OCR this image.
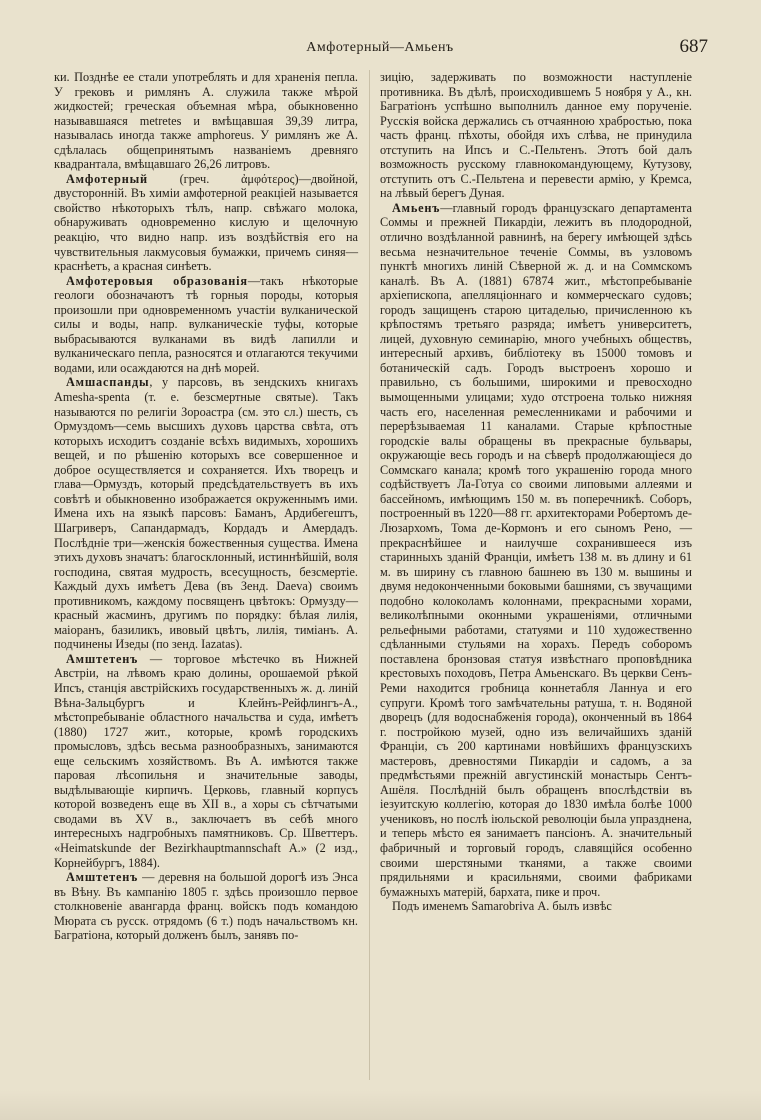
Амфотерный—Амьенъ	687

ки. Позднѣе ее стали употреблять и для храненія пепла. У грековъ и римлянъ А. служила также мѣрой жидкостей; греческая объемная мѣра, обыкновенно называвшаяся metretes и вмѣщавшая 39,39 литра, называлась иногда также amphoreus. У римлянъ же А. сдѣлалась общепринятымъ названіемъ древняго квадрантала, вмѣщавшаго 26,26 литровъ.

Амфотерный (греч. ἀμφότερος)—двойной, двусторонній. Въ химіи амфотерной реакціей называется свойство нѣкоторыхъ тѣлъ, напр. свѣжаго молока, обнаруживать одновременно кислую и щелочную реакцію, что видно напр. изъ воздѣйствія его на чувствительныя лакмусовыя бумажки, причемъ синяя—краснѣетъ, а красная синѣетъ.

Амфотеровыя образованія—такъ нѣкоторые геологи обозначаютъ тѣ горныя породы, которыя произошли при одновременномъ участіи вулканической силы и воды, напр. вулканическіе туфы, которые выбрасываются вулканами въ видѣ лапилли и вулканическаго пепла, разносятся и отлагаются текучими водами, или осаждаются на днѣ морей.

Амшаспанды, у парсовъ, въ зендскихъ книгахъ Amesha-spenta (т. е. безсмертные святые). Такъ называются по религіи Зороастра (см. это сл.) шесть, съ Ормуздомъ—семь высшихъ духовъ царства свѣта, отъ которыхъ исходитъ созданіе всѣхъ видимыхъ, хорошихъ вещей, и по рѣшенію которыхъ все совершенное и доброе осуществляется и сохраняется. Ихъ творецъ и глава—Ормуздъ, который предсѣдательствуетъ въ ихъ совѣтѣ и обыкновенно изображается окруженнымъ ими. Имена ихъ на языкѣ парсовъ: Баманъ, Ардибегештъ, Шагриверъ, Сапандармадъ, Кордадъ и Амердадъ. Послѣдніе три—женскія божественныя существа. Имена этихъ духовъ значатъ: благосклонный, истиннѣйшій, воля господина, святая мудрость, всесущность, безсмертіе. Каждый духъ имѣетъ Дева (въ Зенд. Daeva) своимъ противникомъ, каждому посвященъ цвѣтокъ: Ормузду—красный жасминъ, другимъ по порядку: бѣлая лилія, маіоранъ, базиликъ, ивовый цвѣтъ, лилія, тиміанъ. А. подчинены Изеды (по зенд. Iazatas).

Амштетенъ — торговое мѣстечко въ Нижней Австріи, на лѣвомъ краю долины, орошаемой рѣкой Ипсъ, станція австрійскихъ государственныхъ ж. д. линій Вѣна-Зальцбургъ и Клейнъ-Рейфлингъ-А., мѣстопребываніе областного начальства и суда, имѣетъ (1880) 1727 жит., которые, кромѣ городскихъ промысловъ, здѣсь весьма разнообразныхъ, занимаются еще сельскимъ хозяйствомъ. Въ А. имѣются также паровая лѣсопильня и значительные заводы, выдѣлывающіе кирпичъ. Церковь, главный корпусъ которой возведенъ еще въ XII в., а хоры съ сѣтчатыми сводами въ XV в., заключаетъ въ себѣ много интересныхъ надгробныхъ памятниковъ. Ср. Шветтеръ. «Heimatskunde der Bezirkhauptmannschaft A.» (2 изд., Корнейбургъ, 1884).

Амштетенъ — деревня на большой дорогѣ изъ Энса въ Вѣну. Въ кампанію 1805 г. здѣсь произошло первое столкновеніе авангарда франц. войскъ подъ командою Мюрата съ русск. отрядомъ (6 т.) подъ начальствомъ кн. Багратіона, который долженъ былъ, занявъ по-

зицію, задерживать по возможности наступленіе противника. Въ дѣлѣ, происходившемъ 5 ноября у А., кн. Багратіонъ успѣшно выполнилъ данное ему порученіе. Русскія войска держались съ отчаянною храбростью, пока часть франц. пѣхоты, обойдя ихъ слѣва, не принудила отступить на Ипсъ и С.-Пельтенъ. Этотъ бой далъ возможность русскому главнокомандующему, Кутузову, отступить отъ С.-Пельтена и перевести армію, у Кремса, на лѣвый берегъ Дуная.

Амьенъ—главный городъ французскаго департамента Соммы и прежней Пикардіи, лежитъ въ плодородной, отлично воздѣланной равнинѣ, на берегу имѣющей здѣсь весьма незначительное теченіе Соммы, въ узловомъ пунктѣ многихъ линій Сѣверной ж. д. и на Соммскомъ каналѣ. Въ А. (1881) 67874 жит., мѣстопребываніе архіепископа, апелляціоннаго и коммерческаго судовъ; городъ защищенъ старою цитаделью, причисленною къ крѣпостямъ третьяго разряда; имѣетъ университетъ, лицей, духовную семинарію, много учебныхъ обществъ, интересный архивъ, библіотеку въ 15000 томовъ и ботаническій садъ. Городъ выстроенъ хорошо и правильно, съ большими, широкими и превосходно вымощенными улицами; худо отстроена только нижняя часть его, населенная ремесленниками и рабочими и перерѣзываемая 11 каналами. Старые крѣпостные городскіе валы обращены въ прекрасные бульвары, окружающіе весь городъ и на сѣверѣ продолжающіеся до Соммскаго канала; кромѣ того украшенію города много содѣйствуетъ Ла-Готуа со своими липовыми аллеями и бассейномъ, имѣющимъ 150 м. въ поперечникѣ. Соборъ, построенный въ 1220—88 гг. архитекторами Робертомъ де-Люзархомъ, Тома де-Кормонъ и его сыномъ Рено, — прекраснѣйшее и наилучше сохранившееся изъ старинныхъ зданій Франціи, имѣетъ 138 м. въ длину и 61 м. въ ширину съ главною башнею въ 130 м. вышины и двумя недоконченными боковыми башнями, съ звучащими подобно колоколамъ колоннами, прекрасными хорами, великолѣпными оконными украшеніями, отличными рельефными работами, статуями и 110 художественно сдѣланными стульями на хорахъ. Передъ соборомъ поставлена бронзовая статуя извѣстнаго проповѣдника крестовыхъ походовъ, Петра Амьенскаго. Въ церкви Сенъ-Реми находится гробница коннетабля Ланнуа и его супруги. Кромѣ того замѣчательны ратуша, т. н. Водяной дворецъ (для водоснабженія города), оконченный въ 1864 г. постройкою музей, одно изъ величайшихъ зданій Франціи, съ 200 картинами новѣйшихъ французскихъ мастеровъ, древностями Пикардіи и садомъ, а за предмѣстьями прежній августинскій монастырь Сентъ-Ашёля. Послѣдній былъ обращенъ впослѣдствіи въ іезуитскую коллегію, которая до 1830 имѣла болѣе 1000 учениковъ, но послѣ іюльской революціи была упразднена, и теперь мѣсто ея занимаетъ пансіонъ. А. значительный фабричный и торговый городъ, славящійся особенно своими шерстяными тканями, а также своими прядильнями и красильнями, своими фабриками бумажныхъ матерій, бархата, пике и проч.

Подъ именемъ Samarobriva А. былъ извѣс
